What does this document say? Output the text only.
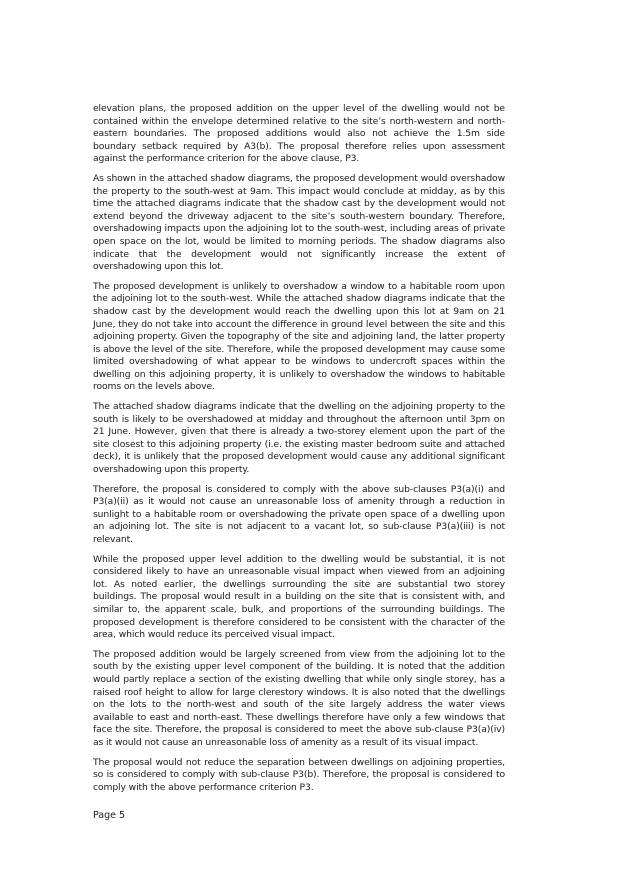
elevation plans, the proposed addition on the upper level of the dwelling would not be contained within the envelope determined relative to the site’s north-western and north-eastern boundaries. The proposed additions would also not achieve the 1.5m side boundary setback required by A3(b). The proposal therefore relies upon assessment against the performance criterion for the above clause, P3.

As shown in the attached shadow diagrams, the proposed development would overshadow the property to the south-west at 9am. This impact would conclude at midday, as by this time the attached diagrams indicate that the shadow cast by the development would not extend beyond the driveway adjacent to the site’s south-western boundary. Therefore, overshadowing impacts upon the adjoining lot to the south-west, including areas of private open space on the lot, would be limited to morning periods. The shadow diagrams also indicate that the development would not significantly increase the extent of overshadowing upon this lot.

The proposed development is unlikely to overshadow a window to a habitable room upon the adjoining lot to the south-west. While the attached shadow diagrams indicate that the shadow cast by the development would reach the dwelling upon this lot at 9am on 21 June, they do not take into account the difference in ground level between the site and this adjoining property. Given the topography of the site and adjoining land, the latter property is above the level of the site. Therefore, while the proposed development may cause some limited overshadowing of what appear to be windows to undercroft spaces within the dwelling on this adjoining property, it is unlikely to overshadow the windows to habitable rooms on the levels above.

The attached shadow diagrams indicate that the dwelling on the adjoining property to the south is likely to be overshadowed at midday and throughout the afternoon until 3pm on 21 June. However, given that there is already a two-storey element upon the part of the site closest to this adjoining property (i.e. the existing master bedroom suite and attached deck), it is unlikely that the proposed development would cause any additional significant overshadowing upon this property.

Therefore, the proposal is considered to comply with the above sub-clauses P3(a)(i) and P3(a)(ii) as it would not cause an unreasonable loss of amenity through a reduction in sunlight to a habitable room or overshadowing the private open space of a dwelling upon an adjoining lot. The site is not adjacent to a vacant lot, so sub-clause P3(a)(iii) is not relevant.

While the proposed upper level addition to the dwelling would be substantial, it is not considered likely to have an unreasonable visual impact when viewed from an adjoining lot. As noted earlier, the dwellings surrounding the site are substantial two storey buildings. The proposal would result in a building on the site that is consistent with, and similar to, the apparent scale, bulk, and proportions of the surrounding buildings. The proposed development is therefore considered to be consistent with the character of the area, which would reduce its perceived visual impact.

The proposed addition would be largely screened from view from the adjoining lot to the south by the existing upper level component of the building. It is noted that the addition would partly replace a section of the existing dwelling that while only single storey, has a raised roof height to allow for large clerestory windows. It is also noted that the dwellings on the lots to the north-west and south of the site largely address the water views available to east and north-east. These dwellings therefore have only a few windows that face the site. Therefore, the proposal is considered to meet the above sub-clause P3(a)(iv) as it would not cause an unreasonable loss of amenity as a result of its visual impact.

The proposal would not reduce the separation between dwellings on adjoining properties, so is considered to comply with sub-clause P3(b). Therefore, the proposal is considered to comply with the above performance criterion P3.

Page 5
